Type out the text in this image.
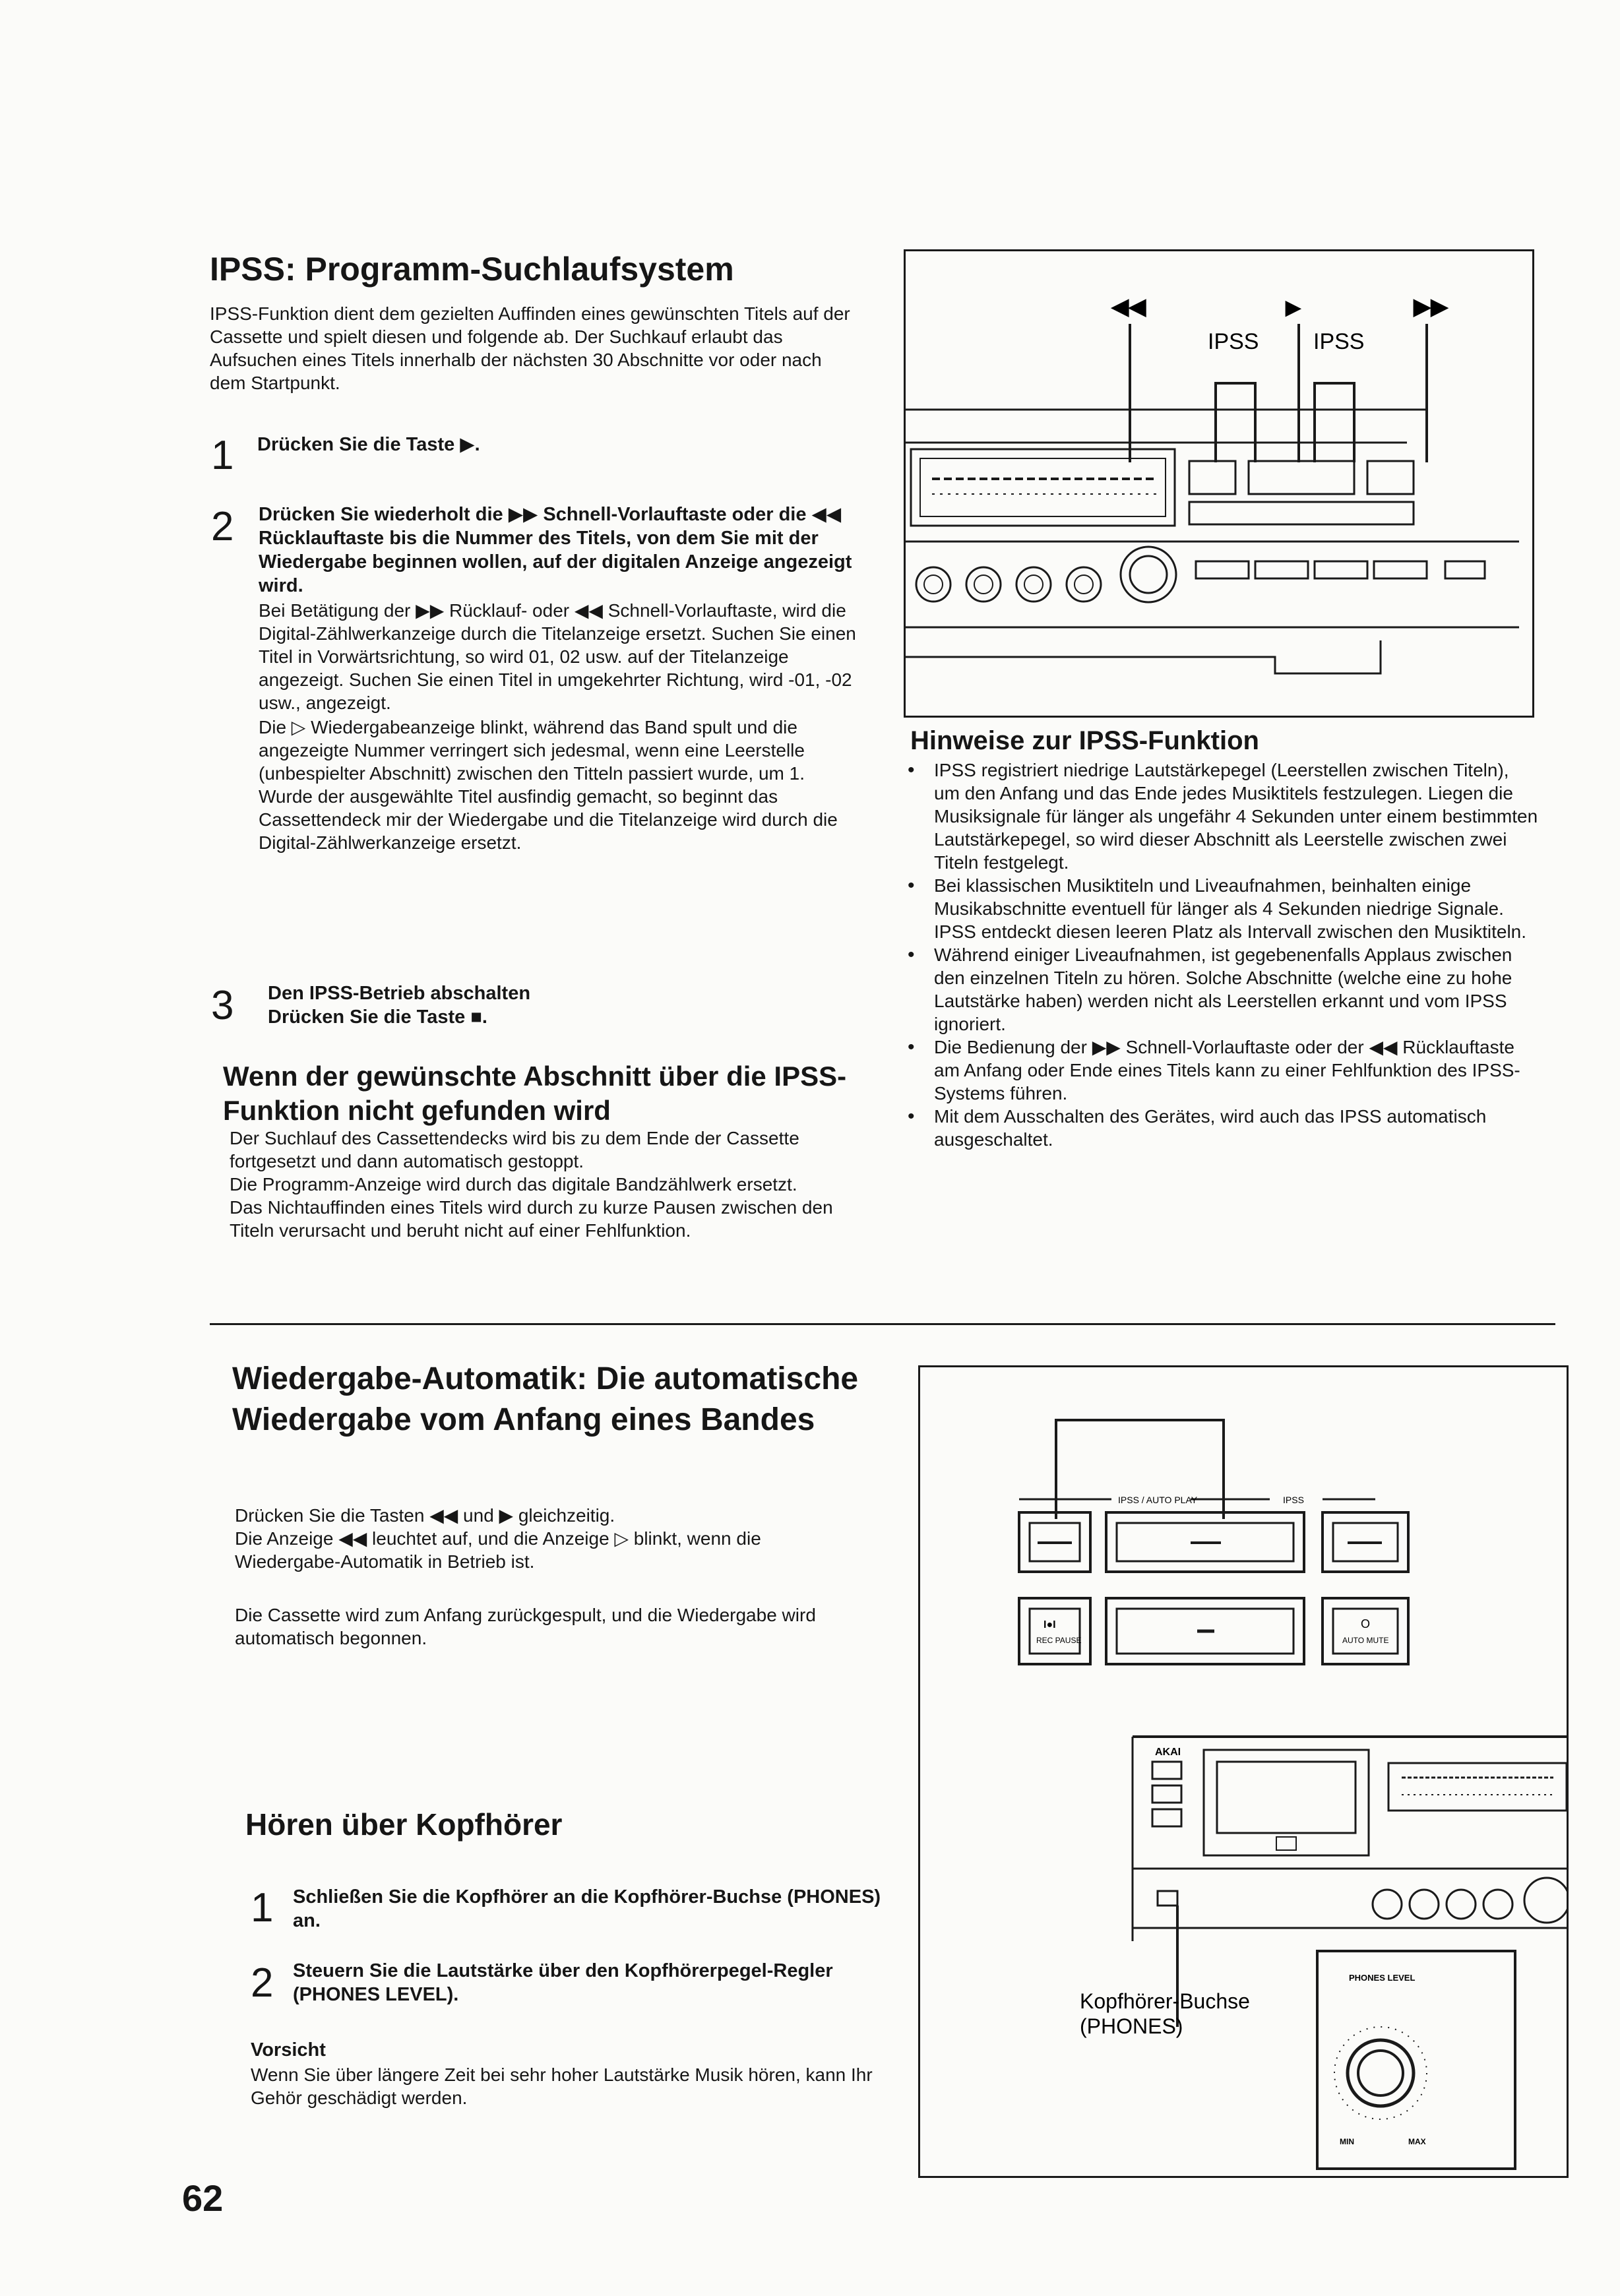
IPSS: Programm-Suchlaufsystem

IPSS-Funktion dient dem gezielten Auffinden eines gewünschten Titels auf der Cassette und spielt diesen und folgende ab. Der Suchkauf erlaubt das Aufsuchen eines Titels innerhalb der nächsten 30 Abschnitte vor oder nach dem Startpunkt.

1 Drücken Sie die Taste ▶.

2 Drücken Sie wiederholt die ▶▶ Schnell-Vorlauftaste oder die ◀◀ Rücklauftaste bis die Nummer des Titels, von dem Sie mit der Wiedergabe beginnen wollen, auf der digitalen Anzeige angezeigt wird.

Bei Betätigung der ▶▶ Rücklauf- oder ◀◀ Schnell-Vorlauftaste, wird die Digital-Zählwerkanzeige durch die Titelanzeige ersetzt. Suchen Sie einen Titel in Vorwärtsrichtung, so wird 01, 02 usw. auf der Titelanzeige angezeigt. Suchen Sie einen Titel in umgekehrter Richtung, wird -01, -02 usw., angezeigt.

Die ▷ Wiedergabeanzeige blinkt, während das Band spult und die angezeigte Nummer verringert sich jedesmal, wenn eine Leerstelle (unbespielter Abschnitt) zwischen den Titteln passiert wurde, um 1. Wurde der ausgewählte Titel ausfindig gemacht, so beginnt das Cassettendeck mir der Wiedergabe und die Titelanzeige wird durch die Digital-Zählwerkanzeige ersetzt.

3 Den IPSS-Betrieb abschalten

Drücken Sie die Taste ■.

Wenn der gewünschte Abschnitt über die IPSS-Funktion nicht gefunden wird

Der Suchlauf des Cassettendecks wird bis zu dem Ende der Cassette fortgesetzt und dann automatisch gestoppt.

Die Programm-Anzeige wird durch das digitale Bandzählwerk ersetzt.

Das Nichtauffinden eines Titels wird durch zu kurze Pausen zwischen den Titeln verursacht und beruht nicht auf einer Fehlfunktion.

◀◀	▶	▶▶
IPSS IPSS
Hinweise zur IPSS-Funktion
• IPSS registriert niedrige Lautstärkepegel (Leerstellen zwischen Titeln), um den Anfang und das Ende jedes Musiktitels festzulegen. Liegen die Musiksignale für länger als ungefähr 4 Sekunden unter einem bestimmten Lautstärkepegel, so wird dieser Abschnitt als Leerstelle zwischen zwei Titeln festgelegt.
• Bei klassischen Musiktiteln und Liveaufnahmen, beinhalten einige Musikabschnitte eventuell für länger als 4 Sekunden niedrige Signale. IPSS entdeckt diesen leeren Platz als Intervall zwischen den Musiktiteln.
• Während einiger Liveaufnahmen, ist gegebenenfalls Applaus zwischen den einzelnen Titeln zu hören. Solche Abschnitte (welche eine zu hohe Lautstärke haben) werden nicht als Leerstellen erkannt und vom IPSS ignoriert.
• Die Bedienung der ▶▶ Schnell-Vorlauftaste oder der ◀◀ Rücklauftaste am Anfang oder Ende eines Titels kann zu einer Fehlfunktion des IPSS-Systems führen.
• Mit dem Ausschalten des Gerätes, wird auch das IPSS automatisch ausgeschaltet.
Wiedergabe-Automatik: Die automatische Wiedergabe vom Anfang eines Bandes

Drücken Sie die Tasten ◀◀ und ▶ gleichzeitig.

Die Anzeige ◀◀ leuchtet auf, und die Anzeige ▷ blinkt, wenn die Wiedergabe-Automatik in Betrieb ist.

Die Cassette wird zum Anfang zurückgespult, und die Wiedergabe wird automatisch begonnen.

Hören über Kopfhörer
1 Schließen Sie die Kopfhörer an die Kopfhörer-Buchse (PHONES) an.

2 Steuern Sie die Lautstärke über den Kopfhörerpegel-Regler (PHONES LEVEL).

Vorsicht

Wenn Sie über längere Zeit bei sehr hoher Lautstärke Musik hören, kann Ihr Gehör geschädigt werden.

IPSS / AUTO PLAY	IPSS
I●I
REC PAUSE
O
AUTO MUTE
AKAI
Kopfhörer-Buchse
(PHONES)
PHONES LEVEL
MIN	MAX
62
